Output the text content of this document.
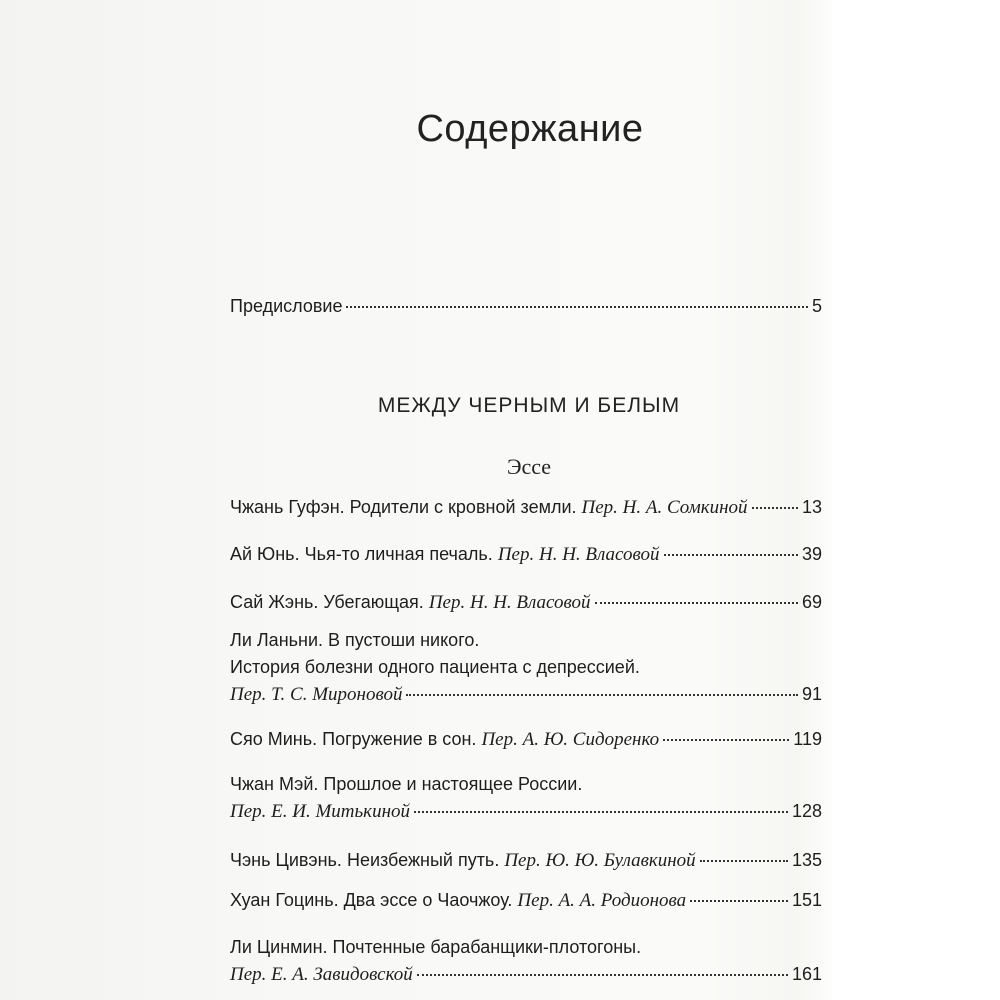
Содержание
Предисловие	5
МЕЖДУ ЧЕРНЫМ И БЕЛЫМ
Эссе
Чжань Гуфэн. Родители с кровной земли. Пер. Н. А. Сомкиной	13
Ай Юнь. Чья-то личная печаль. Пер. Н. Н. Власовой	39
Сай Жэнь. Убегающая. Пер. Н. Н. Власовой	69
Ли Ланьни. В пустоши никого.
История болезни одного пациента с депрессией.
Пер. Т. С. Мироновой	91
Сяо Минь. Погружение в сон. Пер. А. Ю. Сидоренко	119
Чжан Мэй. Прошлое и настоящее России.
Пер. Е. И. Митькиной	128
Чэнь Цивэнь. Неизбежный путь. Пер. Ю. Ю. Булавкиной	135
Хуан Гоцинь. Два эссе о Чаочжоу. Пер. А. А. Родионова	151
Ли Цинмин. Почтенные барабанщики-плотогоны.
Пер. Е. А. Завидовской	161
